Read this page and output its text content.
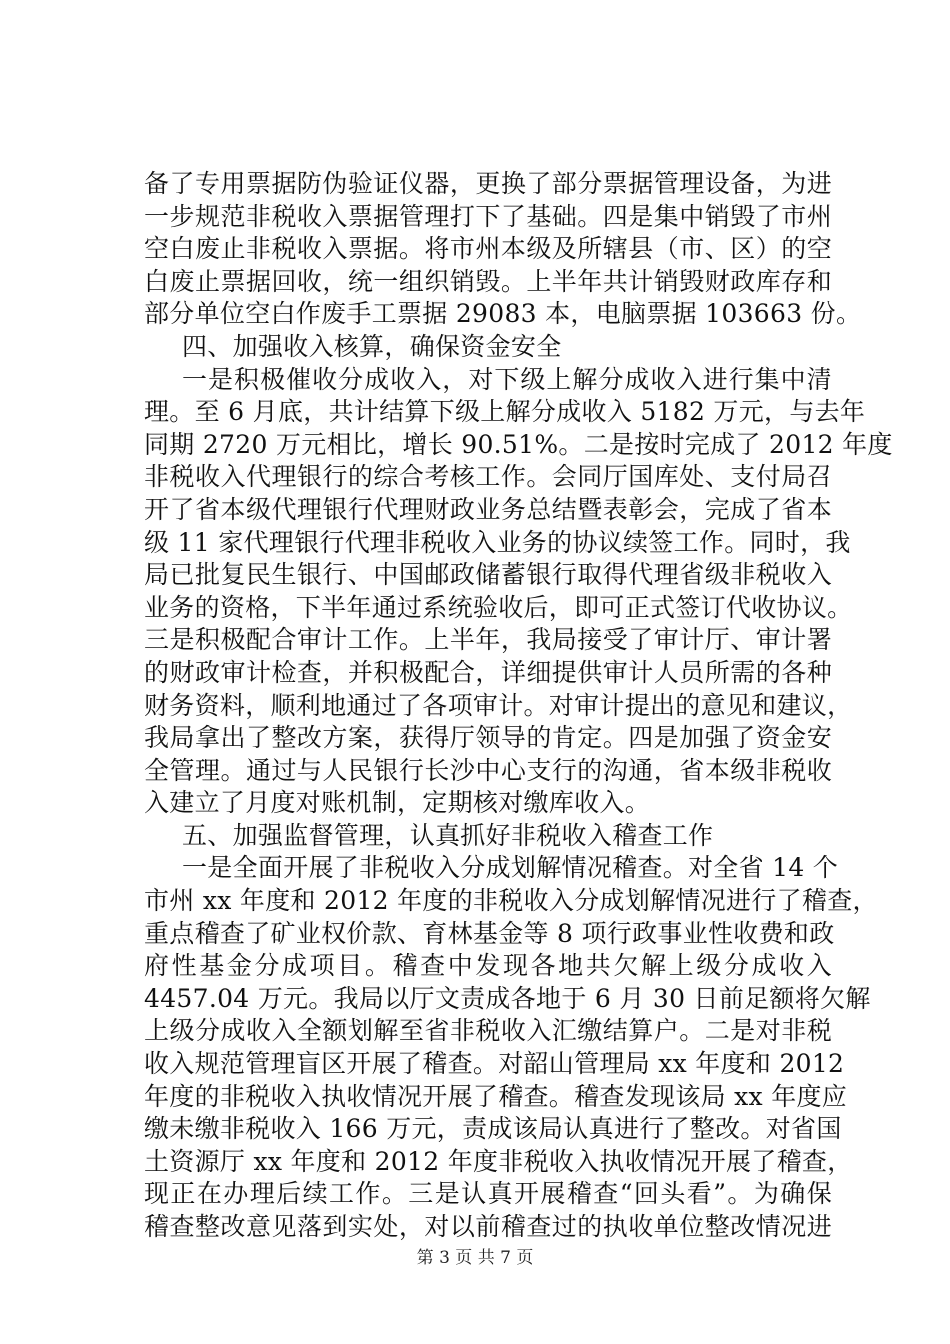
备了专用票据防伪验证仪器，更换了部分票据管理设备，为进
一步规范非税收入票据管理打下了基础。四是集中销毁了市州
空白废止非税收入票据。将市州本级及所辖县（市、区）的空
白废止票据回收，统一组织销毁。上半年共计销毁财政库存和
部分单位空白作废手工票据 29083 本，电脑票据 103663 份。
四、加强收入核算，确保资金安全
一是积极催收分成收入，对下级上解分成收入进行集中清
理。至 6 月底，共计结算下级上解分成收入 5182 万元，与去年
同期 2720 万元相比，增长 90.51%。二是按时完成了 2012 年度
非税收入代理银行的综合考核工作。会同厅国库处、支付局召
开了省本级代理银行代理财政业务总结暨表彰会，完成了省本
级 11 家代理银行代理非税收入业务的协议续签工作。同时，我
局已批复民生银行、中国邮政储蓄银行取得代理省级非税收入
业务的资格，下半年通过系统验收后，即可正式签订代收协议。
三是积极配合审计工作。上半年，我局接受了审计厅、审计署
的财政审计检查，并积极配合，详细提供审计人员所需的各种
财务资料，顺利地通过了各项审计。对审计提出的意见和建议，
我局拿出了整改方案，获得厅领导的肯定。四是加强了资金安
全管理。通过与人民银行长沙中心支行的沟通，省本级非税收
入建立了月度对账机制，定期核对缴库收入。
五、加强监督管理，认真抓好非税收入稽查工作
一是全面开展了非税收入分成划解情况稽查。对全省 14 个
市州 xx 年度和 2012 年度的非税收入分成划解情况进行了稽查，
重点稽查了矿业权价款、育林基金等 8 项行政事业性收费和政
府性基金分成项目。稽查中发现各地共欠解上级分成收入
4457.04 万元。我局以厅文责成各地于 6 月 30 日前足额将欠解
上级分成收入全额划解至省非税收入汇缴结算户。二是对非税
收入规范管理盲区开展了稽查。对韶山管理局 xx 年度和 2012
年度的非税收入执收情况开展了稽查。稽查发现该局 xx 年度应
缴未缴非税收入 166 万元，责成该局认真进行了整改。对省国
土资源厅 xx 年度和 2012 年度非税收入执收情况开展了稽查，
现正在办理后续工作。三是认真开展稽查“回头看”。为确保
稽查整改意见落到实处，对以前稽查过的执收单位整改情况进
第 3 页 共 7 页
